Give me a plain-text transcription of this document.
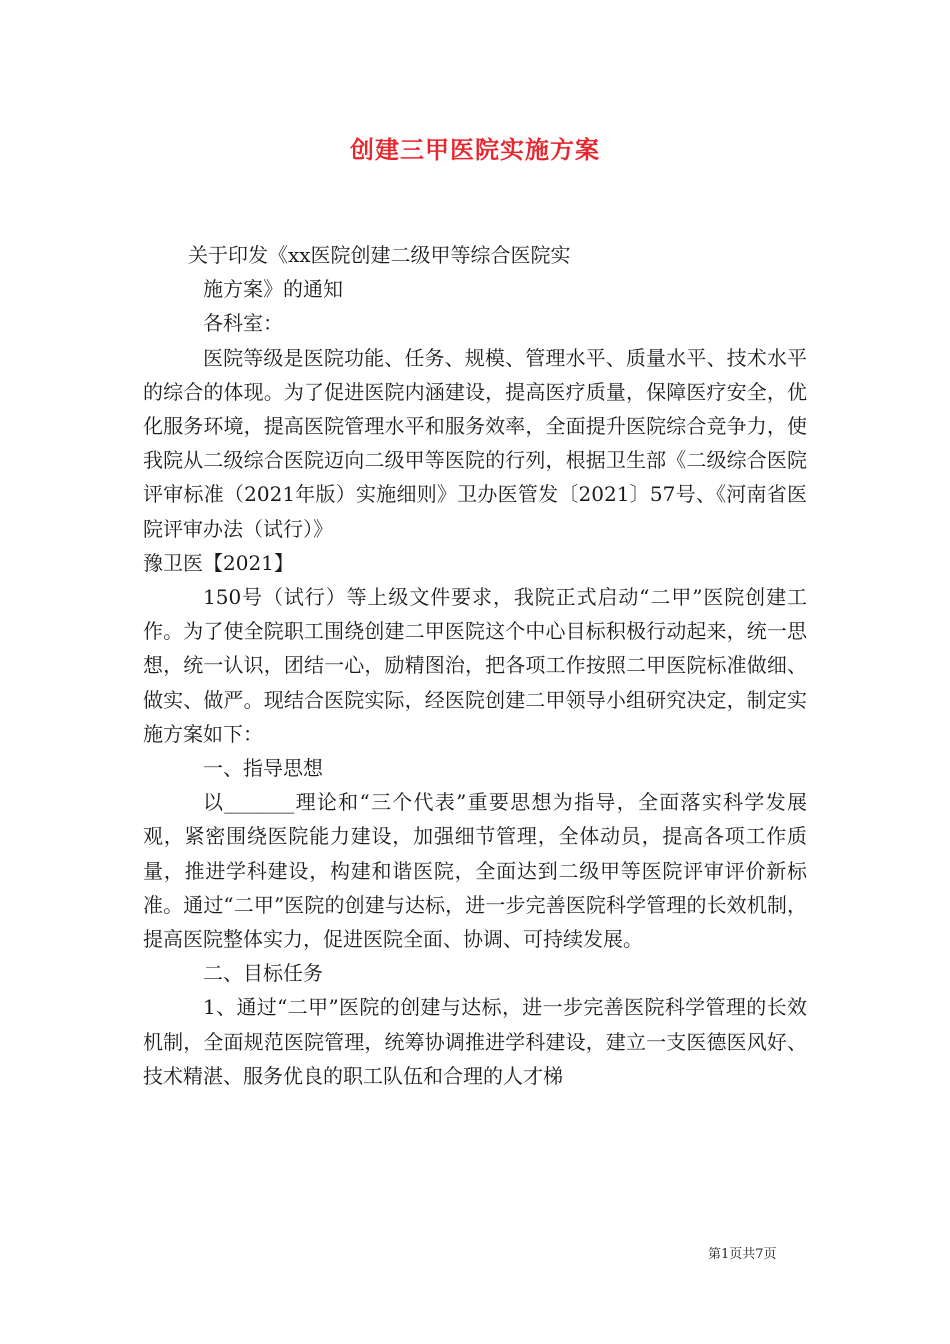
创建三甲医院实施方案

关于印发《xx医院创建二级甲等综合医院实

施方案》的通知

各科室：

医院等级是医院功能、任务、规模、管理水平、质量水平、技术水平的综合的体现。为了促进医院内涵建设，提高医疗质量，保障医疗安全，优化服务环境，提高医院管理水平和服务效率，全面提升医院综合竞争力，使我院从二级综合医院迈向二级甲等医院的行列，根据卫生部《二级综合医院评审标准（2021年版）实施细则》卫办医管发〔2021〕57号、《河南省医院评审办法（试行）》

豫卫医【2021】

150号（试行）等上级文件要求，我院正式启动“二甲”医院创建工作。为了使全院职工围绕创建二甲医院这个中心目标积极行动起来，统一思想，统一认识，团结一心，励精图治，把各项工作按照二甲医院标准做细、做实、做严。现结合医院实际，经医院创建二甲领导小组研究决定，制定实施方案如下：

一、指导思想

以_______理论和“三个代表”重要思想为指导，全面落实科学发展观，紧密围绕医院能力建设，加强细节管理，全体动员，提高各项工作质量，推进学科建设，构建和谐医院，全面达到二级甲等医院评审评价新标准。通过“二甲”医院的创建与达标，进一步完善医院科学管理的长效机制，提高医院整体实力，促进医院全面、协调、可持续发展。

二、目标任务

1、通过“二甲”医院的创建与达标，进一步完善医院科学管理的长效机制，全面规范医院管理，统筹协调推进学科建设，建立一支医德医风好、技术精湛、服务优良的职工队伍和合理的人才梯

第1页共7页
